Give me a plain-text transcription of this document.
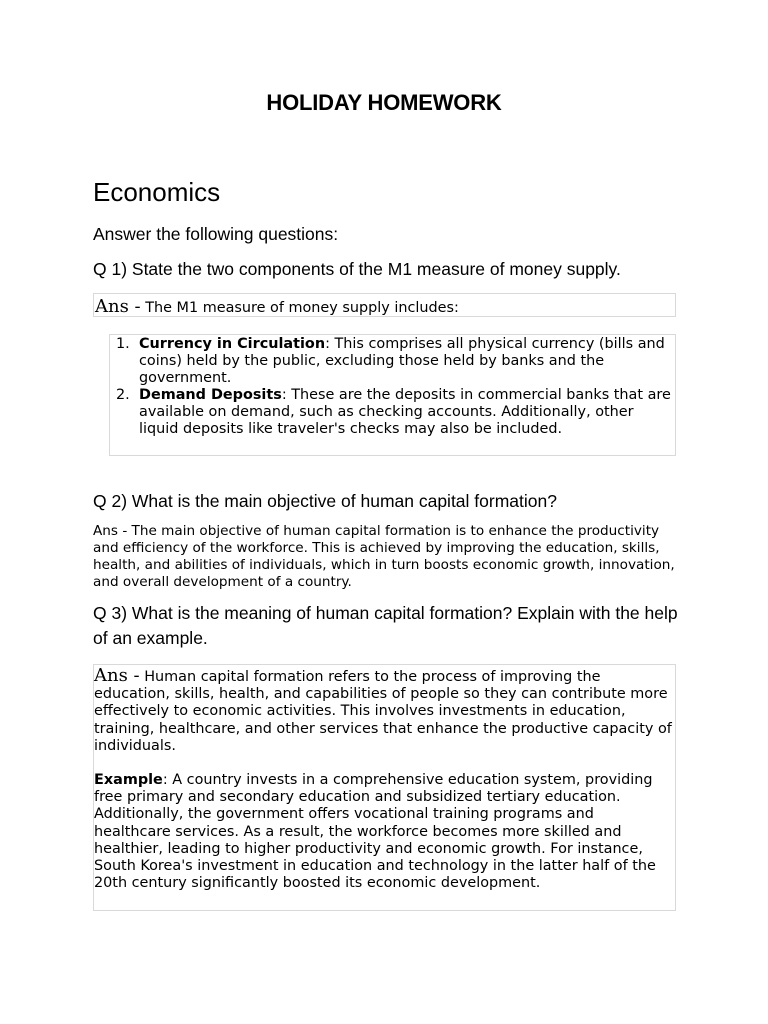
HOLIDAY HOMEWORK
Economics
Answer the following questions:
Q 1) State the two components of the M1 measure of money supply.
Ans - The M1 measure of money supply includes:
1. Currency in Circulation: This comprises all physical currency (bills and coins) held by the public, excluding those held by banks and the government.
2. Demand Deposits: These are the deposits in commercial banks that are available on demand, such as checking accounts. Additionally, other liquid deposits like traveler's checks may also be included.
Q 2) What is the main objective of human capital formation?
Ans - The main objective of human capital formation is to enhance the productivity and efficiency of the workforce. This is achieved by improving the education, skills, health, and abilities of individuals, which in turn boosts economic growth, innovation, and overall development of a country.
Q 3) What is the meaning of human capital formation? Explain with the help of an example.

Ans - Human capital formation refers to the process of improving the education, skills, health, and capabilities of people so they can contribute more effectively to economic activities. This involves investments in education, training, healthcare, and other services that enhance the productive capacity of individuals.

Example: A country invests in a comprehensive education system, providing free primary and secondary education and subsidized tertiary education. Additionally, the government offers vocational training programs and healthcare services. As a result, the workforce becomes more skilled and healthier, leading to higher productivity and economic growth. For instance, South Korea's investment in education and technology in the latter half of the 20th century significantly boosted its economic development.
